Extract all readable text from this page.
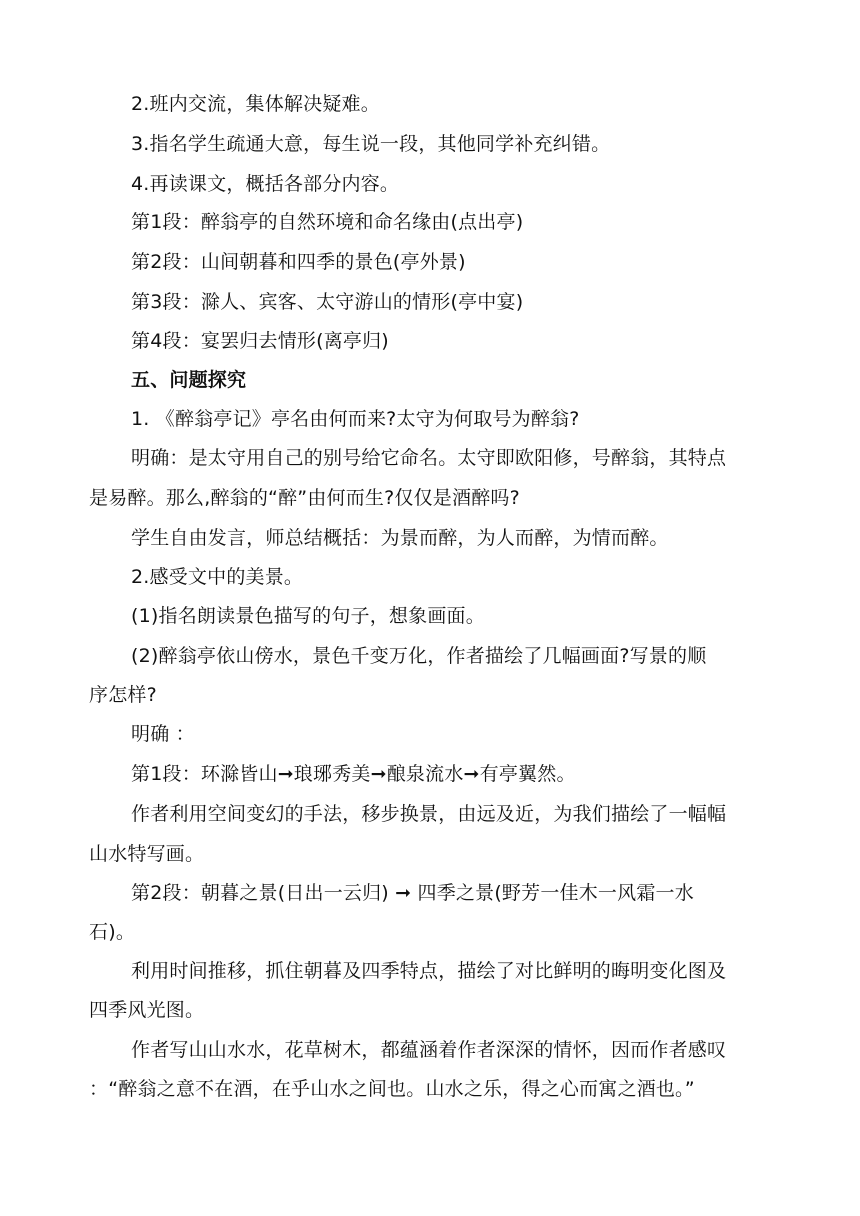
2.班内交流，集体解决疑难。
3.指名学生疏通大意，每生说一段，其他同学补充纠错。
4.再读课文，概括各部分内容。
第1段：醉翁亭的自然环境和命名缘由(点出亭)
第2段：山间朝暮和四季的景色(亭外景)
第3段：滁人、宾客、太守游山的情形(亭中宴)
第4段：宴罢归去情形(离亭归)
五、问题探究
1. 《醉翁亭记》亭名由何而来?太守为何取号为醉翁?
明确：是太守用自己的别号给它命名。太守即欧阳修，号醉翁，其特点
是易醉。那么,醉翁的“醉”由何而生?仅仅是酒醉吗?
学生自由发言，师总结概括：为景而醉，为人而醉，为情而醉。
2.感受文中的美景。
(1)指名朗读景色描写的句子，想象画面。
(2)醉翁亭依山傍水，景色千变万化，作者描绘了几幅画面?写景的顺
序怎样?
明确 ：
第1段：环滁皆山➞琅琊秀美➞酿泉流水➞有亭翼然。
作者利用空间变幻的手法，移步换景，由远及近，为我们描绘了一幅幅
山水特写画。
第2段：朝暮之景(日出一云归) ➞ 四季之景(野芳一佳木一风霜一水
石)。
利用时间推移，抓住朝暮及四季特点，描绘了对比鲜明的晦明变化图及
四季风光图。
作者写山山水水，花草树木，都蕴涵着作者深深的情怀，因而作者感叹
：“醉翁之意不在酒，在乎山水之间也。山水之乐，得之心而寓之酒也。”
